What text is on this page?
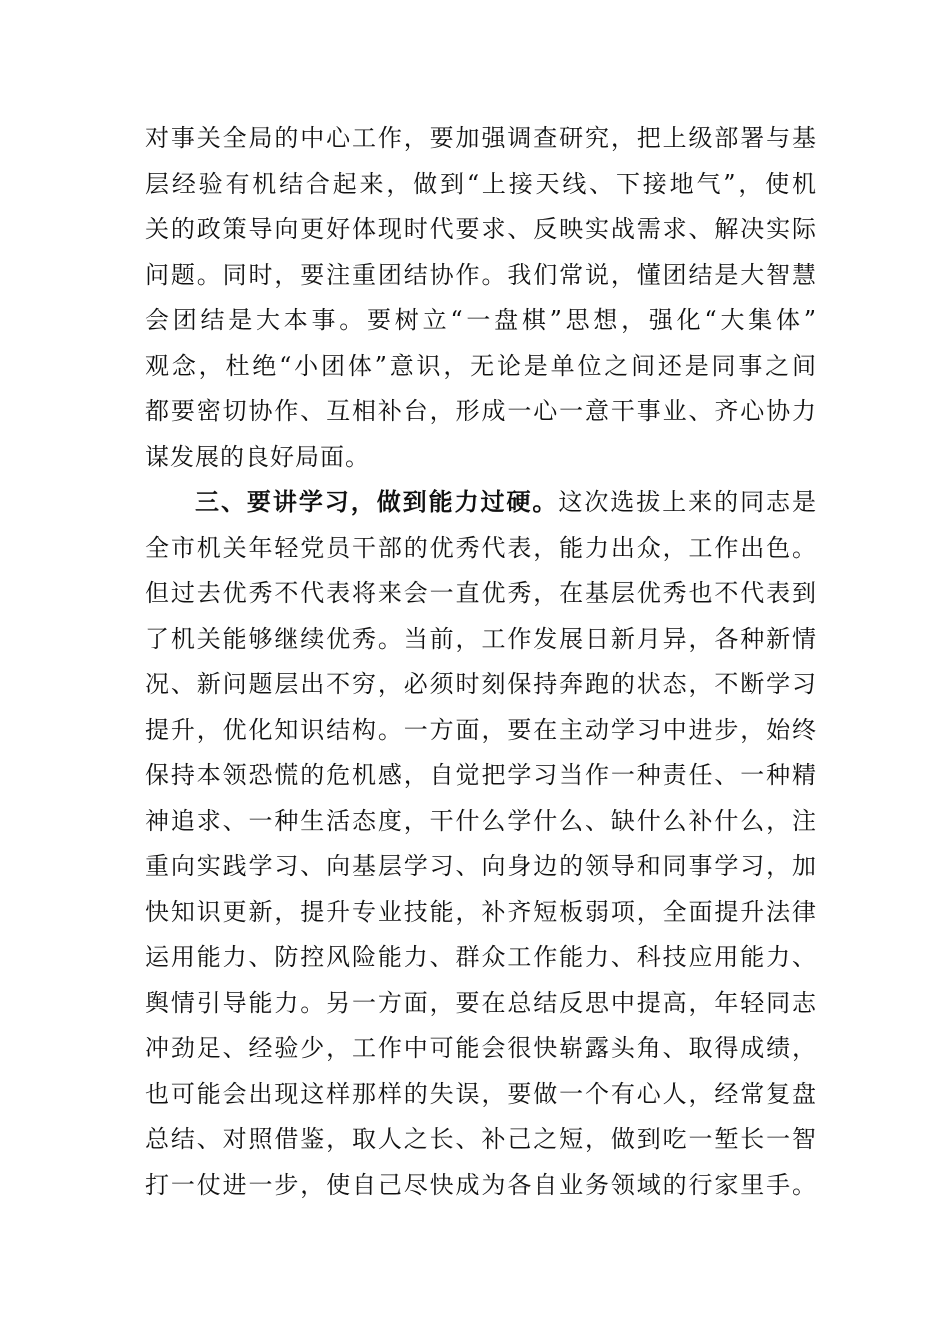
对事关全局的中心工作，要加强调查研究，把上级部署与基
层经验有机结合起来，做到“上接天线、下接地气”，使机
关的政策导向更好体现时代要求、反映实战需求、解决实际
问题。同时，要注重团结协作。我们常说，懂团结是大智慧
会团结是大本事。要树立“一盘棋”思想，强化“大集体”
观念，杜绝“小团体”意识，无论是单位之间还是同事之间
都要密切协作、互相补台，形成一心一意干事业、齐心协力
谋发展的良好局面。
三、要讲学习，做到能力过硬。这次选拔上来的同志是
全市机关年轻党员干部的优秀代表，能力出众，工作出色。
但过去优秀不代表将来会一直优秀，在基层优秀也不代表到
了机关能够继续优秀。当前，工作发展日新月异，各种新情
况、新问题层出不穷，必须时刻保持奔跑的状态，不断学习
提升，优化知识结构。一方面，要在主动学习中进步，始终
保持本领恐慌的危机感，自觉把学习当作一种责任、一种精
神追求、一种生活态度，干什么学什么、缺什么补什么，注
重向实践学习、向基层学习、向身边的领导和同事学习，加
快知识更新，提升专业技能，补齐短板弱项，全面提升法律
运用能力、防控风险能力、群众工作能力、科技应用能力、
舆情引导能力。另一方面，要在总结反思中提高，年轻同志
冲劲足、经验少，工作中可能会很快崭露头角、取得成绩，
也可能会出现这样那样的失误，要做一个有心人，经常复盘
总结、对照借鉴，取人之长、补己之短，做到吃一堑长一智
打一仗进一步，使自己尽快成为各自业务领域的行家里手。
